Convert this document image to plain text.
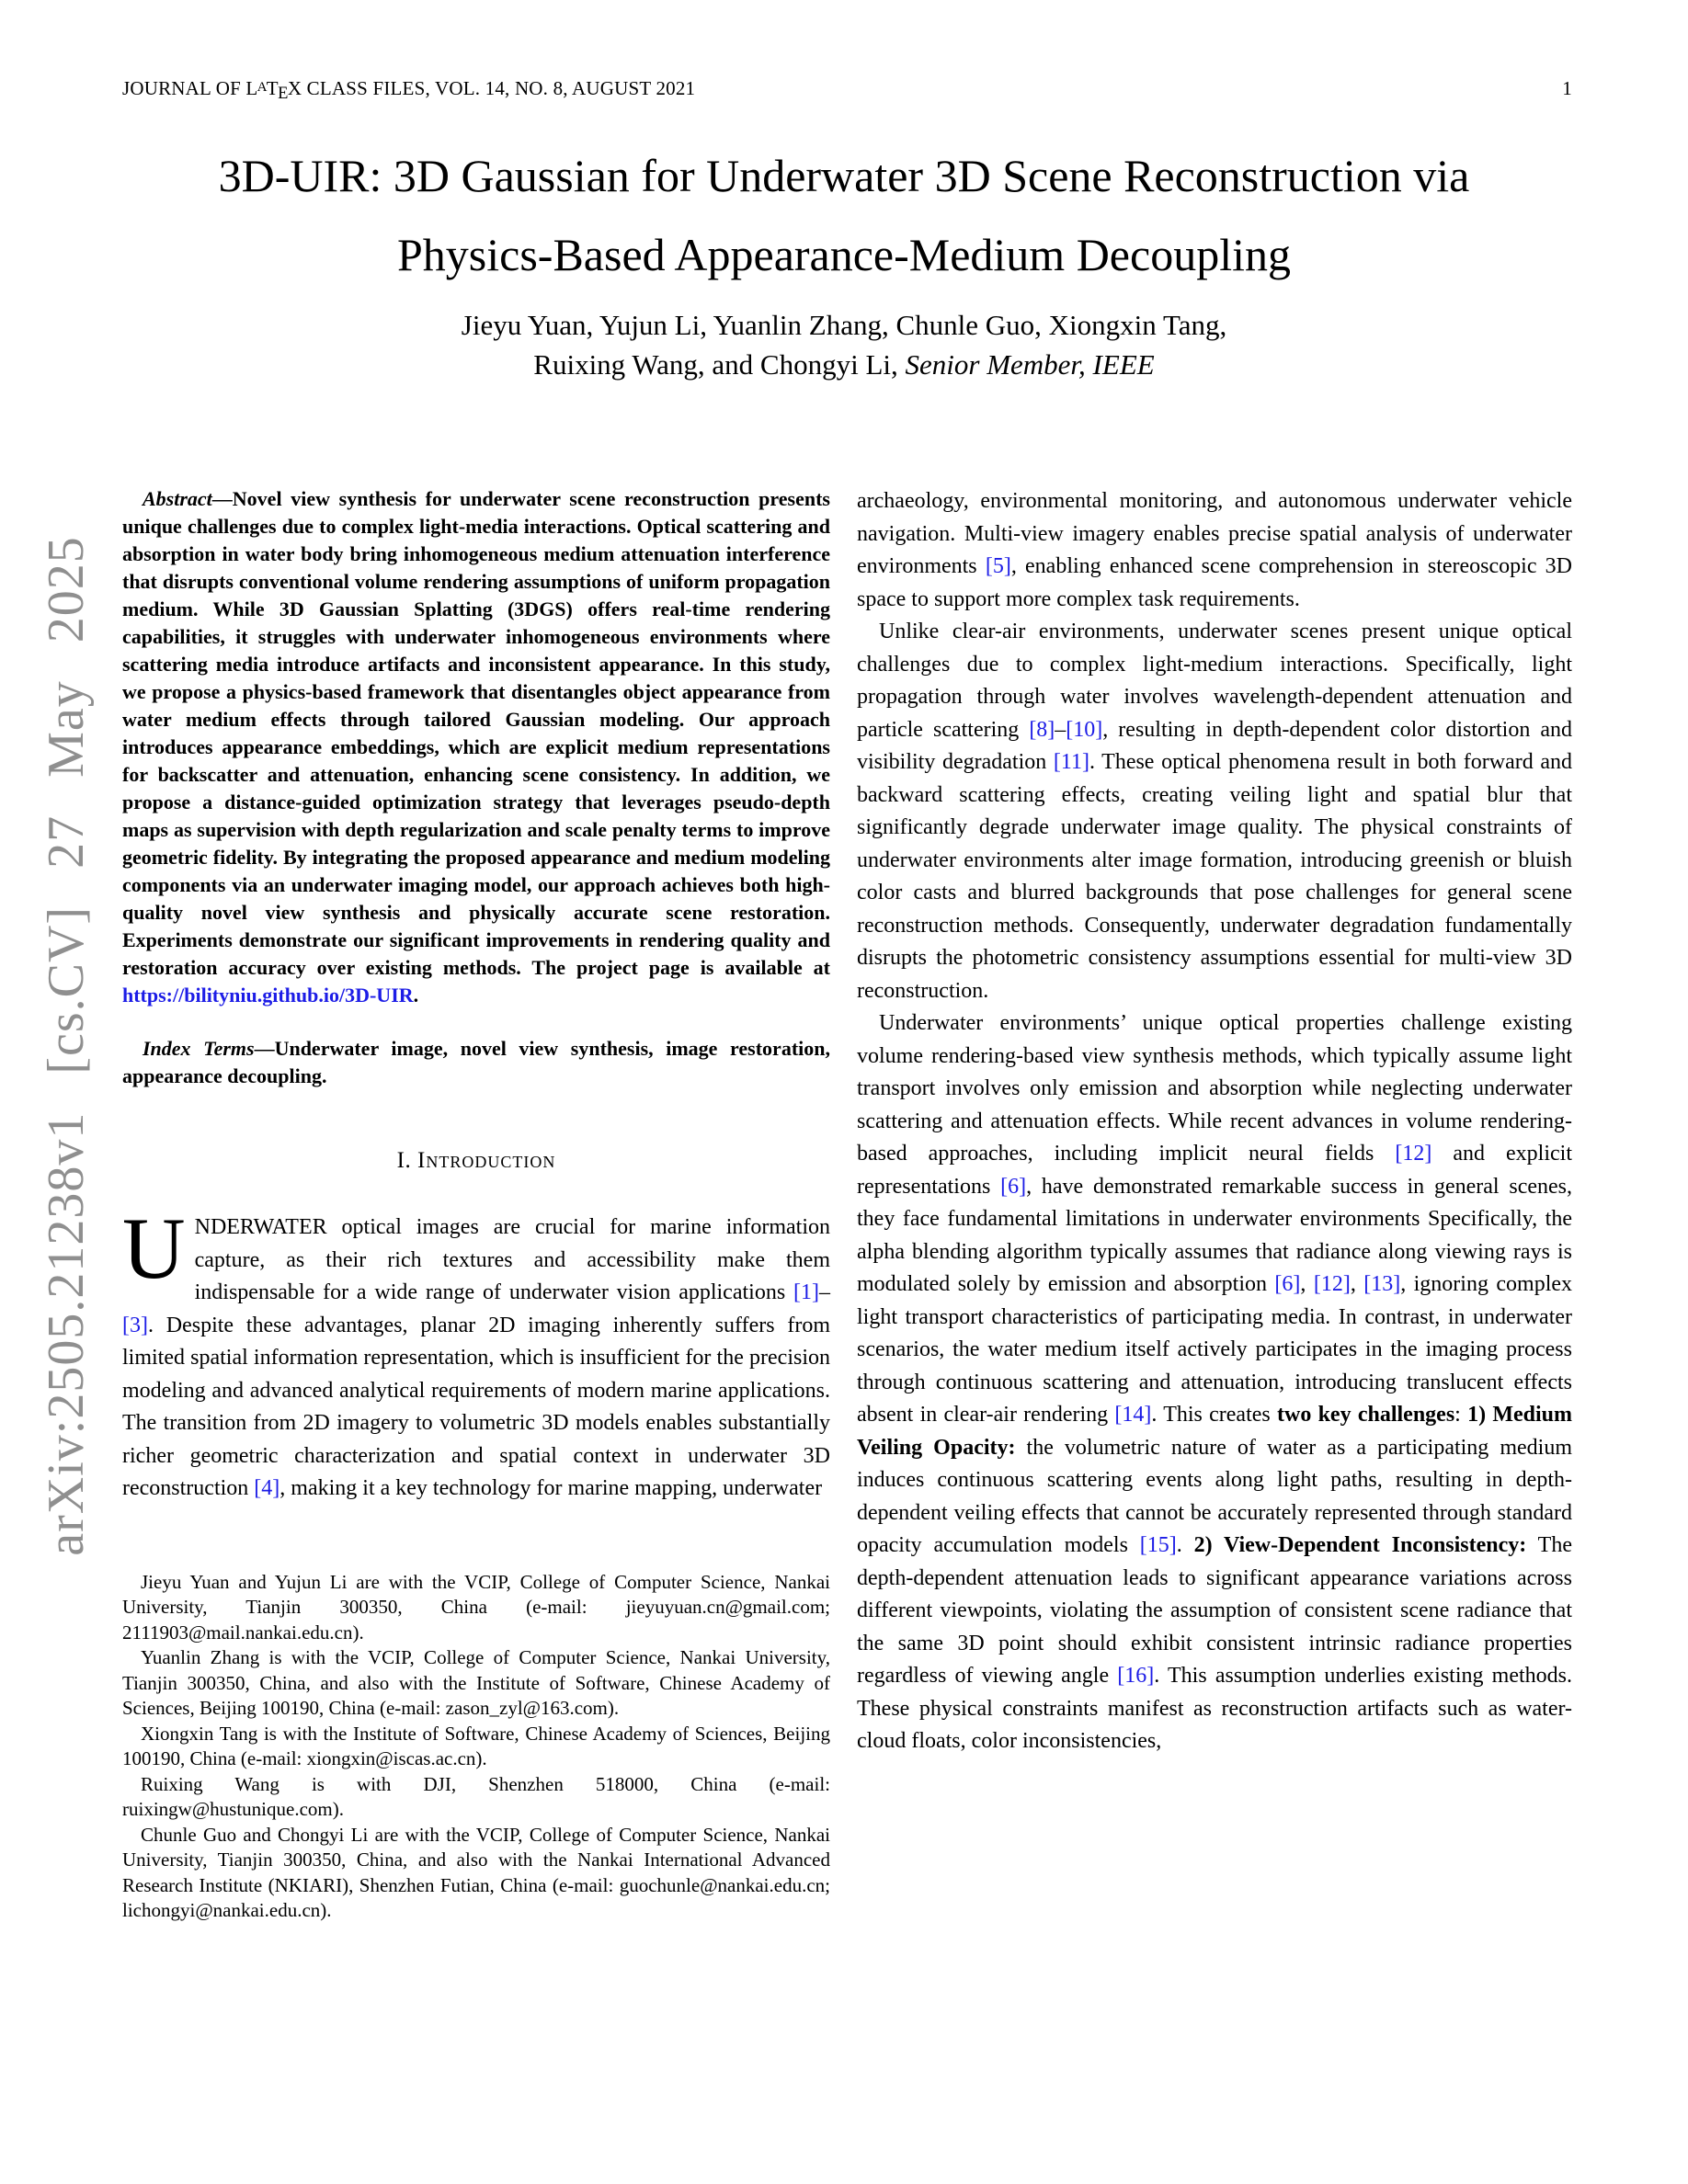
arXiv:2505.21238v1 [cs.CV] 27 May 2025
JOURNAL OF $L^ATEX$ CLASS FILES, VOL. 14, NO. 8, AUGUST 2021	1
3D-UIR: 3D Gaussian for Underwater 3D Scene Reconstruction via
Physics-Based Appearance-Medium Decoupling
Jieyu Yuan, Yujun Li, Yuanlin Zhang, Chunle Guo, Xiongxin Tang,
Ruixing Wang, and Chongyi Li, Senior Member, IEEE

Abstract—Novel view synthesis for underwater scene reconstruction presents unique challenges due to complex light-media interactions. Optical scattering and absorption in water body bring inhomogeneous medium attenuation interference that disrupts conventional volume rendering assumptions of uniform propagation medium. While 3D Gaussian Splatting (3DGS) offers real-time rendering capabilities, it struggles with underwater inhomogeneous environments where scattering media introduce artifacts and inconsistent appearance. In this study, we propose a physics-based framework that disentangles object appearance from water medium effects through tailored Gaussian modeling. Our approach introduces appearance embeddings, which are explicit medium representations for backscatter and attenuation, enhancing scene consistency. In addition, we propose a distance-guided optimization strategy that leverages pseudo-depth maps as supervision with depth regularization and scale penalty terms to improve geometric fidelity. By integrating the proposed appearance and medium modeling components via an underwater imaging model, our approach achieves both high-quality novel view synthesis and physically accurate scene restoration. Experiments demonstrate our significant improvements in rendering quality and restoration accuracy over existing methods. The project page is available at https://bilityniu.github.io/3D-UIR.

Index Terms—Underwater image, novel view synthesis, image restoration, appearance decoupling.

I. Introduction

UNDERWATER optical images are crucial for marine information capture, as their rich textures and accessibility make them indispensable for a wide range of underwater vision applications [1]–[3]. Despite these advantages, planar 2D imaging inherently suffers from limited spatial information representation, which is insufficient for the precision modeling and advanced analytical requirements of modern marine applications. The transition from 2D imagery to volumetric 3D models enables substantially richer geometric characterization and spatial context in underwater 3D reconstruction [4], making it a key technology for marine mapping, underwater

Jieyu Yuan and Yujun Li are with the VCIP, College of Computer Science, Nankai University, Tianjin 300350, China (e-mail: jieyuyuan.cn@gmail.com; 2111903@mail.nankai.edu.cn).

Yuanlin Zhang is with the VCIP, College of Computer Science, Nankai University, Tianjin 300350, China, and also with the Institute of Software, Chinese Academy of Sciences, Beijing 100190, China (e-mail: zason_zyl@163.com).

Xiongxin Tang is with the Institute of Software, Chinese Academy of Sciences, Beijing 100190, China (e-mail: xiongxin@iscas.ac.cn).

Ruixing Wang is with DJI, Shenzhen 518000, China (e-mail: ruixingw@hustunique.com).

Chunle Guo and Chongyi Li are with the VCIP, College of Computer Science, Nankai University, Tianjin 300350, China, and also with the Nankai International Advanced Research Institute (NKIARI), Shenzhen Futian, China (e-mail: guochunle@nankai.edu.cn; lichongyi@nankai.edu.cn).

archaeology, environmental monitoring, and autonomous underwater vehicle navigation. Multi-view imagery enables precise spatial analysis of underwater environments [5], enabling enhanced scene comprehension in stereoscopic 3D space to support more complex task requirements.

Unlike clear-air environments, underwater scenes present unique optical challenges due to complex light-medium interactions. Specifically, light propagation through water involves wavelength-dependent attenuation and particle scattering [8]–[10], resulting in depth-dependent color distortion and visibility degradation [11]. These optical phenomena result in both forward and backward scattering effects, creating veiling light and spatial blur that significantly degrade underwater image quality. The physical constraints of underwater environments alter image formation, introducing greenish or bluish color casts and blurred backgrounds that pose challenges for general scene reconstruction methods. Consequently, underwater degradation fundamentally disrupts the photometric consistency assumptions essential for multi-view 3D reconstruction.

Underwater environments’ unique optical properties challenge existing volume rendering-based view synthesis methods, which typically assume light transport involves only emission and absorption while neglecting underwater scattering and attenuation effects. While recent advances in volume rendering-based approaches, including implicit neural fields [12] and explicit representations [6], have demonstrated remarkable success in general scenes, they face fundamental limitations in underwater environments Specifically, the alpha blending algorithm typically assumes that radiance along viewing rays is modulated solely by emission and absorption [6], [12], [13], ignoring complex light transport characteristics of participating media. In contrast, in underwater scenarios, the water medium itself actively participates in the imaging process through continuous scattering and attenuation, introducing translucent effects absent in clear-air rendering [14]. This creates two key challenges: 1) Medium Veiling Opacity: the volumetric nature of water as a participating medium induces continuous scattering events along light paths, resulting in depth-dependent veiling effects that cannot be accurately represented through standard opacity accumulation models [15]. 2) View-Dependent Inconsistency: The depth-dependent attenuation leads to significant appearance variations across different viewpoints, violating the assumption of consistent scene radiance that the same 3D point should exhibit consistent intrinsic radiance properties regardless of viewing angle [16]. This assumption underlies existing methods. These physical constraints manifest as reconstruction artifacts such as water-cloud floats, color inconsistencies,
